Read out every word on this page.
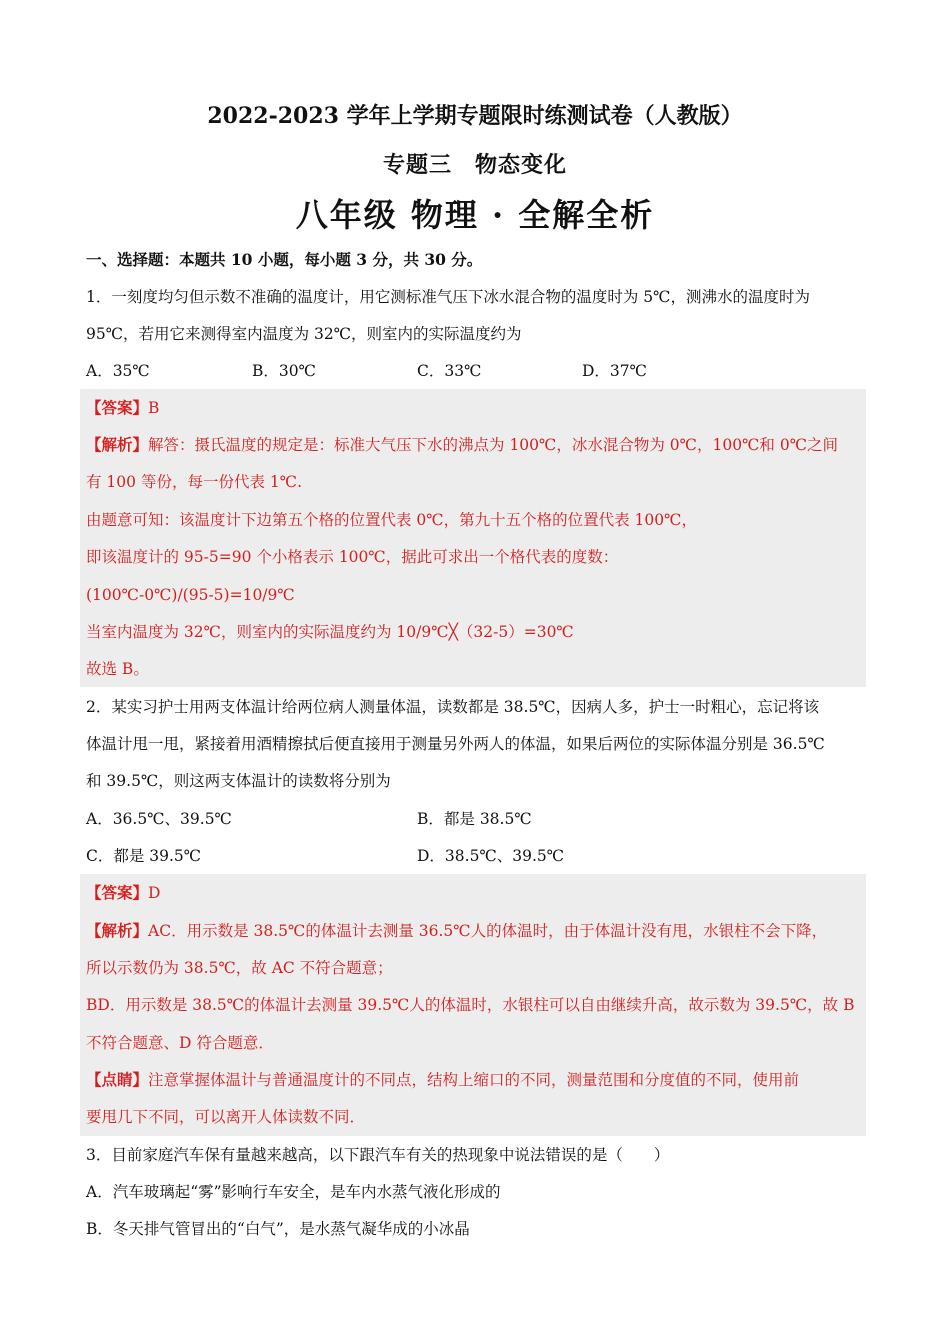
2022-2023 学年上学期专题限时练测试卷（人教版）
专题三　物态变化
八年级 物理 · 全解全析
一、选择题：本题共 10 小题，每小题 3 分，共 30 分。
1．一刻度均匀但示数不准确的温度计，用它测标准气压下冰水混合物的温度时为 5℃，测沸水的温度时为
95℃，若用它来测得室内温度为 32℃，则室内的实际温度约为
A．35℃	B．30℃	C．33℃	D．37℃
【答案】B
【解析】解答：摄氏温度的规定是：标准大气压下水的沸点为 100℃，冰水混合物为 0℃，100℃和 0℃之间
有 100 等份，每一份代表 1℃.
由题意可知：该温度计下边第五个格的位置代表 0℃，第九十五个格的位置代表 100℃，
即该温度计的 95-5=90 个小格表示 100℃，据此可求出一个格代表的度数：
(100℃-0℃)/(95-5)=10/9℃
当室内温度为 32℃，则室内的实际温度约为 10/9℃╳（32-5）=30℃
故选 B。
2．某实习护士用两支体温计给两位病人测量体温，读数都是 38.5℃，因病人多，护士一时粗心，忘记将该
体温计甩一甩，紧接着用酒精擦拭后便直接用于测量另外两人的体温，如果后两位的实际体温分别是 36.5℃
和 39.5℃，则这两支体温计的读数将分别为
A．36.5℃、39.5℃	B．都是 38.5℃
C．都是 39.5℃	D．38.5℃、39.5℃
【答案】D
【解析】AC．用示数是 38.5℃的体温计去测量 36.5℃人的体温时，由于体温计没有甩，水银柱不会下降，
所以示数仍为 38.5℃，故 AC 不符合题意；
BD．用示数是 38.5℃的体温计去测量 39.5℃人的体温时，水银柱可以自由继续升高，故示数为 39.5℃，故 B
不符合题意、D 符合题意．
【点睛】注意掌握体温计与普通温度计的不同点，结构上缩口的不同，测量范围和分度值的不同，使用前
要甩几下不同，可以离开人体读数不同．
3．目前家庭汽车保有量越来越高，以下跟汽车有关的热现象中说法错误的是（　　）
A．汽车玻璃起“雾”影响行车安全，是车内水蒸气液化形成的
B．冬天排气管冒出的“白气”，是水蒸气凝华成的小冰晶
